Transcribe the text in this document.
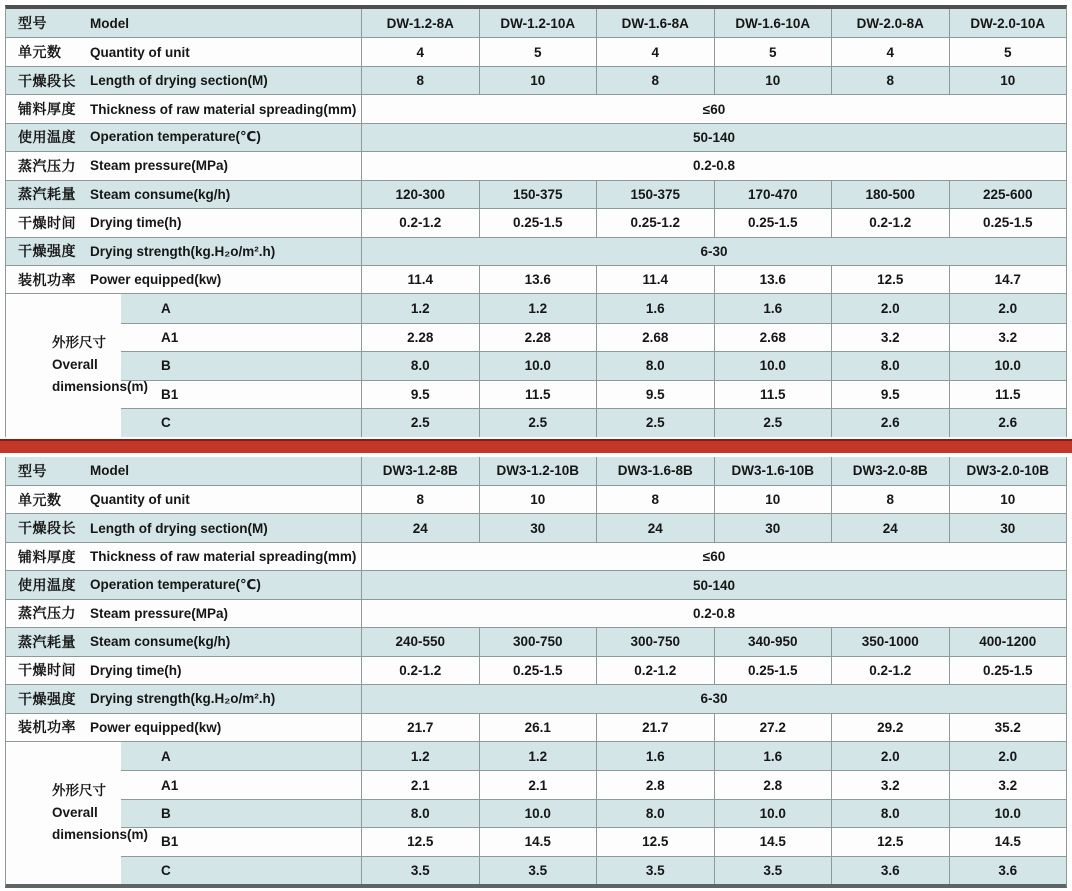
型号	Model	DW-1.2-8A	DW-1.2-10A	DW-1.6-8A	DW-1.6-10A	DW-2.0-8A	DW-2.0-10A
单元数	Quantity of unit	4	5	4	5	4	5
干燥段长	Length of drying section(M)	8	10	8	10	8	10
铺料厚度	Thickness of raw material spreading(mm)	≤60
使用温度	Operation temperature(℃)	50-140
蒸汽压力	Steam pressure(MPa)	0.2-0.8
蒸汽耗量	Steam consume(kg/h)	120-300	150-375	150-375	170-470	180-500	225-600
干燥时间	Drying time(h)	0.2-1.2	0.25-1.5	0.25-1.2	0.25-1.5	0.2-1.2	0.25-1.5
干燥强度	Drying strength(kg.H₂o/m².h)	6-30
装机功率	Power equipped(kw)	11.4	13.6	11.4	13.6	12.5	14.7
A	1.2	1.2	1.6	1.6	2.0	2.0
A1	2.28	2.28	2.68	2.68	3.2	3.2
B	8.0	10.0	8.0	10.0	8.0	10.0
B1	9.5	11.5	9.5	11.5	9.5	11.5
C	2.5	2.5	2.5	2.5	2.6	2.6
外形尺寸
Overall
dimensions(m)
型号	Model	DW3-1.2-8B	DW3-1.2-10B	DW3-1.6-8B	DW3-1.6-10B	DW3-2.0-8B	DW3-2.0-10B
单元数	Quantity of unit	8	10	8	10	8	10
干燥段长	Length of drying section(M)	24	30	24	30	24	30
铺料厚度	Thickness of raw material spreading(mm)	≤60
使用温度	Operation temperature(℃)	50-140
蒸汽压力	Steam pressure(MPa)	0.2-0.8
蒸汽耗量	Steam consume(kg/h)	240-550	300-750	300-750	340-950	350-1000	400-1200
干燥时间	Drying time(h)	0.2-1.2	0.25-1.5	0.2-1.2	0.25-1.5	0.2-1.2	0.25-1.5
干燥强度	Drying strength(kg.H₂o/m².h)	6-30
装机功率	Power equipped(kw)	21.7	26.1	21.7	27.2	29.2	35.2
A	1.2	1.2	1.6	1.6	2.0	2.0
A1	2.1	2.1	2.8	2.8	3.2	3.2
B	8.0	10.0	8.0	10.0	8.0	10.0
B1	12.5	14.5	12.5	14.5	12.5	14.5
C	3.5	3.5	3.5	3.5	3.6	3.6
外形尺寸
Overall
dimensions(m)
